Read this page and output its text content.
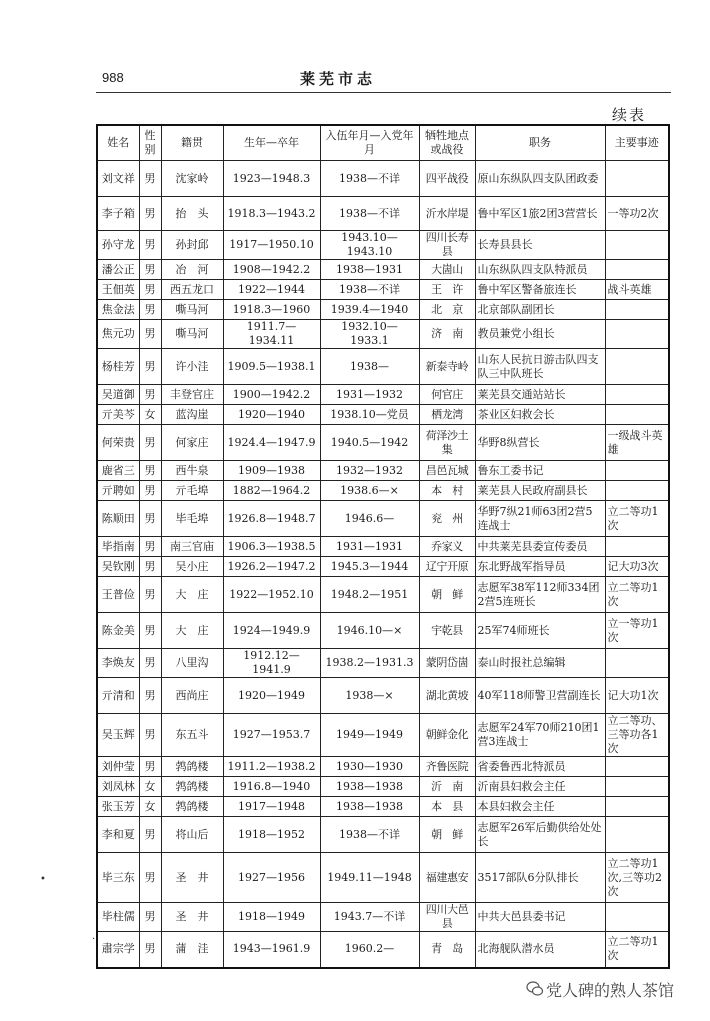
988	莱芜市志
续表
姓名	性别	籍贯	生年—卒年	入伍年月—入党年月	牺牲地点或战役	职务	主要事迹
刘文祥	男	沈家岭	1923—1948.3	1938—不详	四平战役	原山东纵队四支队团政委	
李子箱	男	抬　头	1918.3—1943.2	1938—不详	沂水岸堤	鲁中军区1旅2团3营营长	一等功2次
孙守龙	男	孙封邱	1917—1950.10	1943.10—1943.10	四川长寿县	长寿县县长	
潘公正	男	冶　河	1908—1942.2	1938—1931	大崮山	山东纵队四支队特派员	
王佃英	男	西五龙口	1922—1944	1938—不详	王　许	鲁中军区警备旅连长	战斗英雄
焦金法	男	嘶马河	1918.3—1960	1939.4—1940	北　京	北京部队副团长	
焦元功	男	嘶马河	1911.7—1934.11	1932.10—1933.1	济　南	教员兼党小组长	
杨桂芳	男	许小洼	1909.5—1938.1	1938—	新泰寺岭	山东人民抗日游击队四支队三中队班长	
吴道御	男	丰登官庄	1900—1942.2	1931—1932	何官庄	莱芜县交通站站长	
亓美芩	女	蓝沟崖	1920—1940	1938.10—党员	栖龙湾	茶业区妇救会长	
何荣贵	男	何家庄	1924.4—1947.9	1940.5—1942	荷泽沙土集	华野8纵营长	一级战斗英雄
鹿省三	男	西牛泉	1909—1938	1932—1932	昌邑瓦城	鲁东工委书记	
亓聘如	男	亓毛埠	1882—1964.2	1938.6—×	本　村	莱芜县人民政府副县长	
陈顺田	男	毕毛埠	1926.8—1948.7	1946.6—	兖　州	华野7纵21师63团2营5连战士	立二等功1次
毕指南	男	南三官庙	1906.3—1938.5	1931—1931	乔家义	中共莱芜县委宣传委员	
吴钦刚	男	吴小庄	1926.2—1947.2	1945.3—1944	辽宁开原	东北野战军指导员	记大功3次
王普俭	男	大　庄	1922—1952.10	1948.2—1951	朝　鲜	志愿军38军112师334团2营5连班长	立二等功1次
陈金美	男	大　庄	1924—1949.9	1946.10—×	宇乾县	25军74师班长	立一等功1次
李焕友	男	八里沟	1912.12—1941.9	1938.2—1931.3	蒙阴岱崮	泰山时报社总编辑	
亓清和	男	西尚庄	1920—1949	1938—×	湖北黄坡	40军118师警卫营副连长	记大功1次
吴玉辉	男	东五斗	1927—1953.7	1949—1949	朝鲜金化	志愿军24军70师210团1营3连战士	立二等功、三等功各1次
刘仲莹	男	鹁鸽楼	1911.2—1938.2	1930—1930	齐鲁医院	省委鲁西北特派员	
刘凤林	女	鹁鸽楼	1916.8—1940	1938—1938	沂　南	沂南县妇救会主任	
张玉芳	女	鹁鸽楼	1917—1948	1938—1938	本　县	本县妇救会主任	
李和夏	男	将山后	1918—1952	1938—不详	朝　鲜	志愿军26军后勤供给处处长	
毕三东	男	圣　井	1927—1956	1949.11—1948	福建惠安	3517部队6分队排长	立二等功1次,三等功2次
毕柱儒	男	圣　井	1918—1949	1943.7—不详	四川大邑县	中共大邑县委书记	
肅宗学	男	蒲　洼	1943—1961.9	1960.2—	青　岛	北海舰队潜水员	立二等功1次
•
·
党人碑的熟人茶馆
